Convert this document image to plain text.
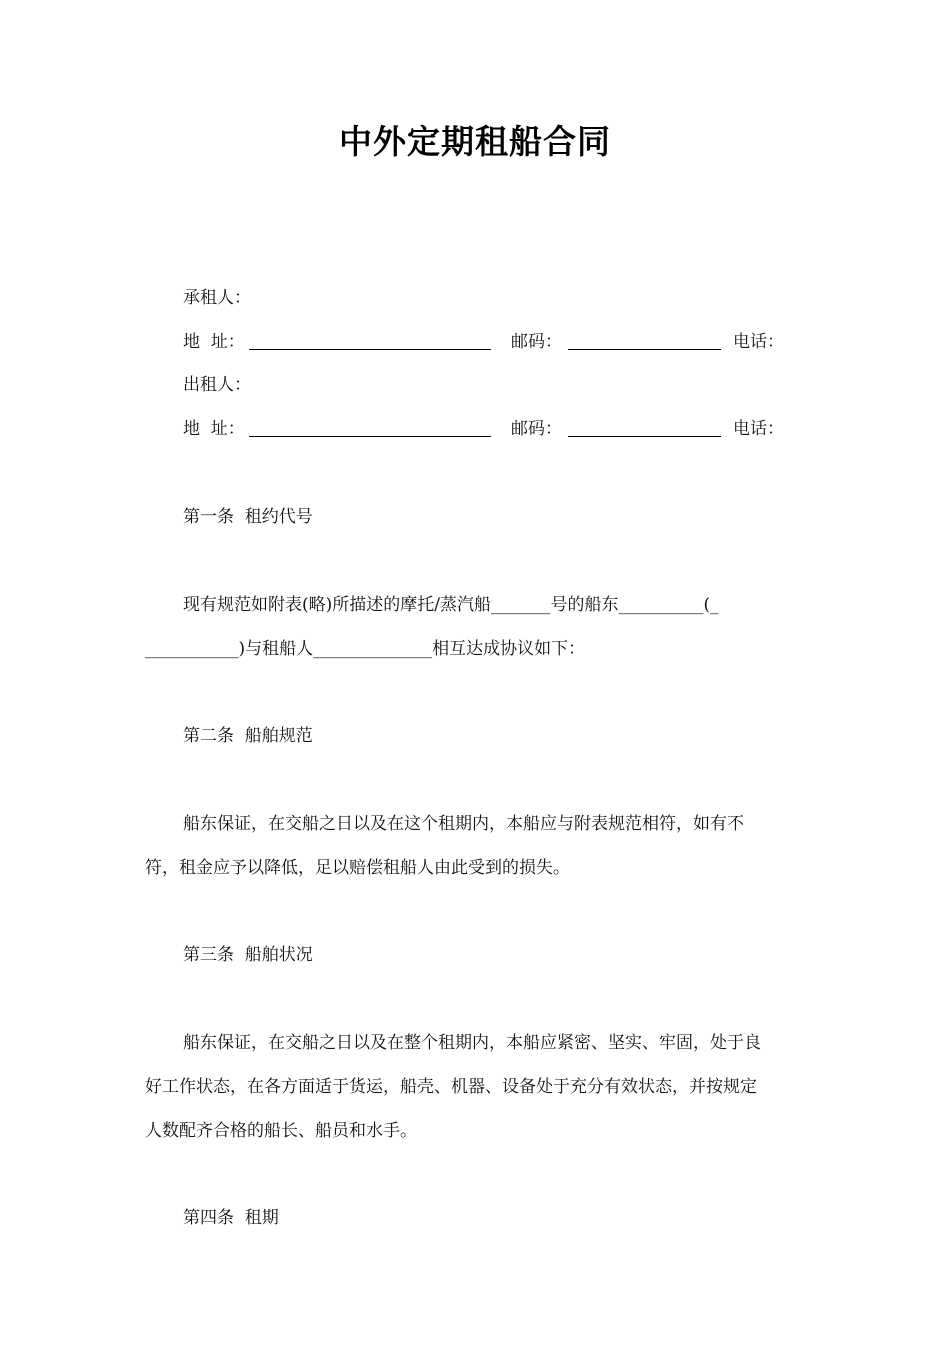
中外定期租船合同
承租人：
地  址：	邮码：	电话：
出租人：
地  址：	邮码：	电话：
第一条  租约代号
现有规范如附表(略)所描述的摩托/蒸汽船_______号的船东__________(_
___________)与租船人______________相互达成协议如下：
第二条  船舶规范
船东保证，在交船之日以及在这个租期内，本船应与附表规范相符，如有不
符，租金应予以降低，足以赔偿租船人由此受到的损失。
第三条  船舶状况
船东保证，在交船之日以及在整个租期内，本船应紧密、坚实、牢固，处于良
好工作状态，在各方面适于货运，船壳、机器、设备处于充分有效状态，并按规定
人数配齐合格的船长、船员和水手。
第四条  租期
